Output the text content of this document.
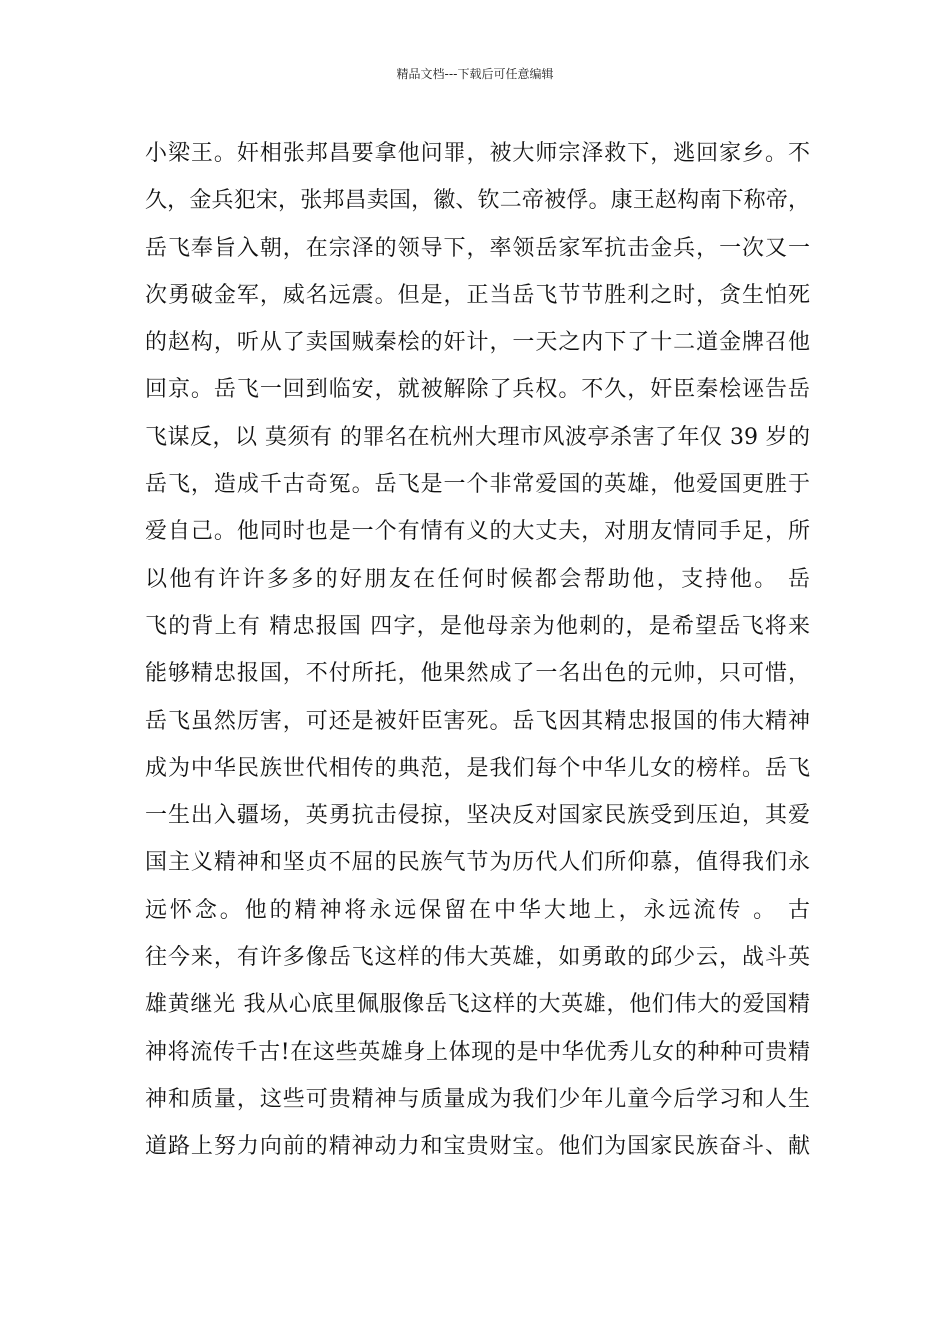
精品文档---下载后可任意编辑
小梁王。奸相张邦昌要拿他问罪，被大师宗泽救下，逃回家乡。不
久，金兵犯宋，张邦昌卖国，徽、钦二帝被俘。康王赵构南下称帝，
岳飞奉旨入朝，在宗泽的领导下，率领岳家军抗击金兵，一次又一
次勇破金军，威名远震。但是，正当岳飞节节胜利之时，贪生怕死
的赵构，听从了卖国贼秦桧的奸计，一天之内下了十二道金牌召他
回京。岳飞一回到临安，就被解除了兵权。不久，奸臣秦桧诬告岳
飞谋反，以 莫须有 的罪名在杭州大理市风波亭杀害了年仅 39 岁的
岳飞，造成千古奇冤。岳飞是一个非常爱国的英雄，他爱国更胜于
爱自己。他同时也是一个有情有义的大丈夫，对朋友情同手足，所
以他有许许多多的好朋友在任何时候都会帮助他，支持他。 岳
飞的背上有 精忠报国 四字，是他母亲为他刺的，是希望岳飞将来
能够精忠报国，不付所托，他果然成了一名出色的元帅，只可惜，
岳飞虽然厉害，可还是被奸臣害死。岳飞因其精忠报国的伟大精神
成为中华民族世代相传的典范，是我们每个中华儿女的榜样。岳飞
一生出入疆场，英勇抗击侵掠，坚决反对国家民族受到压迫，其爱
国主义精神和坚贞不屈的民族气节为历代人们所仰慕，值得我们永
远怀念。他的精神将永远保留在中华大地上，永远流传 。 古
往今来，有许多像岳飞这样的伟大英雄，如勇敢的邱少云，战斗英
雄黄继光 我从心底里佩服像岳飞这样的大英雄，他们伟大的爱国精
神将流传千古!在这些英雄身上体现的是中华优秀儿女的种种可贵精
神和质量，这些可贵精神与质量成为我们少年儿童今后学习和人生
道路上努力向前的精神动力和宝贵财宝。他们为国家民族奋斗、献
